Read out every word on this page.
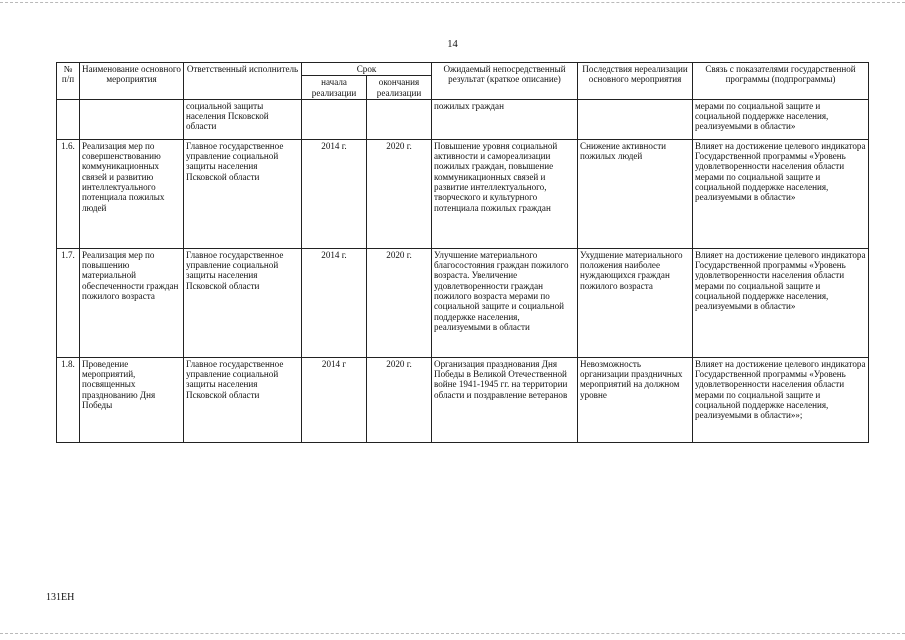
14
№ п/п	Наименование основного мероприятия	Ответственный исполнитель	Срок		Ожидаемый непосредственный результат (краткое описание)	Последствия нереализации основного мероприятия	Связь с показателями государственной программы (подпрограммы)
			начала реализации	окончания реализации			
		социальной защиты населения Псковской области			пожилых граждан		мерами по социальной защите и социальной поддержке населения, реализуемыми в области»
1.6.	Реализация мер по совершенствованию коммуникационных связей и развитию интеллектуального потенциала пожилых людей	Главное государственное управление социальной защиты населения Псковской области	2014 г.	2020 г.	Повышение уровня социальной активности и самореализации пожилых граждан, повышение коммуникационных связей и развитие интеллектуального, творческого и культурного потенциала пожилых граждан	Снижение активности пожилых людей	Влияет на достижение целевого индикатора Государственной программы «Уровень удовлетворенности населения области мерами по социальной защите и социальной поддержке населения, реализуемыми в области»
1.7.	Реализация мер по повышению материальной обеспеченности граждан пожилого возраста	Главное государственное управление социальной защиты населения Псковской области	2014 г.	2020 г.	Улучшение материального благосостояния граждан пожилого возраста. Увеличение удовлетворенности граждан пожилого возраста мерами по социальной защите и социальной поддержке населения, реализуемыми в области	Ухудшение материального положения наиболее нуждающихся граждан пожилого возраста	Влияет на достижение целевого индикатора Государственной программы «Уровень удовлетворенности населения области мерами по социальной защите и социальной поддержке населения, реализуемыми в области»
1.8.	Проведение мероприятий, посвященных празднованию Дня Победы	Главное государственное управление социальной защиты населения Псковской области	2014 г	2020 г.	Организация празднования Дня Победы в Великой Отечественной войне 1941-1945 гг. на территории области и поздравление ветеранов	Невозможность организации праздничных мероприятий на должном уровне	Влияет на достижение целевого индикатора Государственной программы «Уровень удовлетворенности населения области мерами по социальной защите и социальной поддержке населения, реализуемыми в области»»;
131ЕН
